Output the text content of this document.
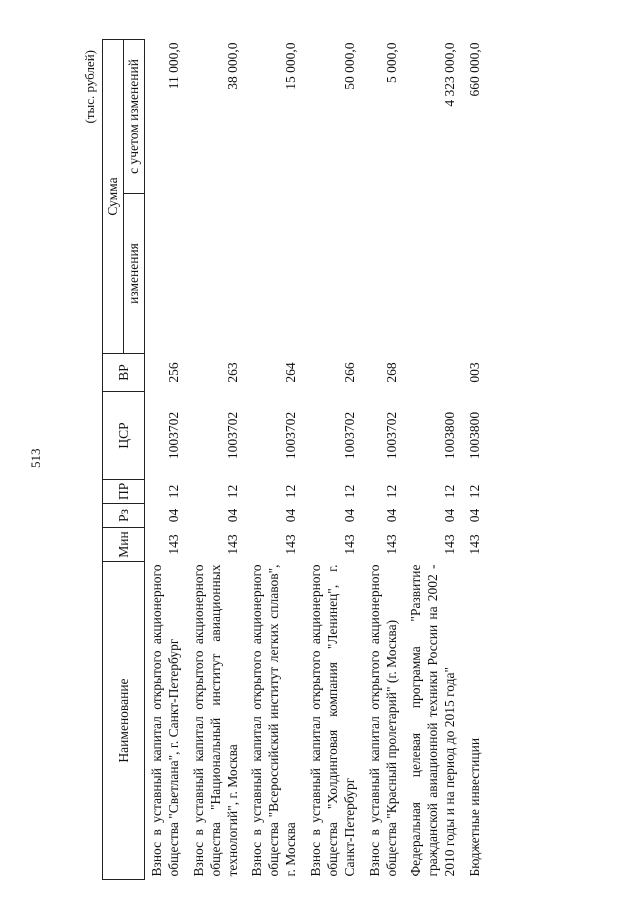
513
(тыс. рублей)
Наименование	Мин	Рз	ПР	ЦСР	ВР	Сумма	
						изменения	с учетом изменений
Взнос в уставный капитал открытого акционерного общества "Светлана", г. Санкт-Петербург	143	04	12	1003702	256		11 000,0
Взнос в уставный капитал открытого акционерного общества "Национальный институт авиационных технологий", г. Москва	143	04	12	1003702	263		38 000,0
Взнос в уставный капитал открытого акционерного общества "Всероссийский институт легких сплавов", г. Москва	143	04	12	1003702	264		15 000,0
Взнос в уставный капитал открытого акционерного общества "Холдинговая компания "Ленинец", г. Санкт-Петербург	143	04	12	1003702	266		50 000,0
Взнос в уставный капитал открытого акционерного общества "Красный пролетарий" (г. Москва)	143	04	12	1003702	268		5 000,0
Федеральная целевая программа "Развитие гражданской авиационной техники России на 2002 - 2010 годы и на период до 2015 года"	143	04	12	1003800			4 323 000,0
Бюджетные инвестиции	143	04	12	1003800	003		660 000,0
